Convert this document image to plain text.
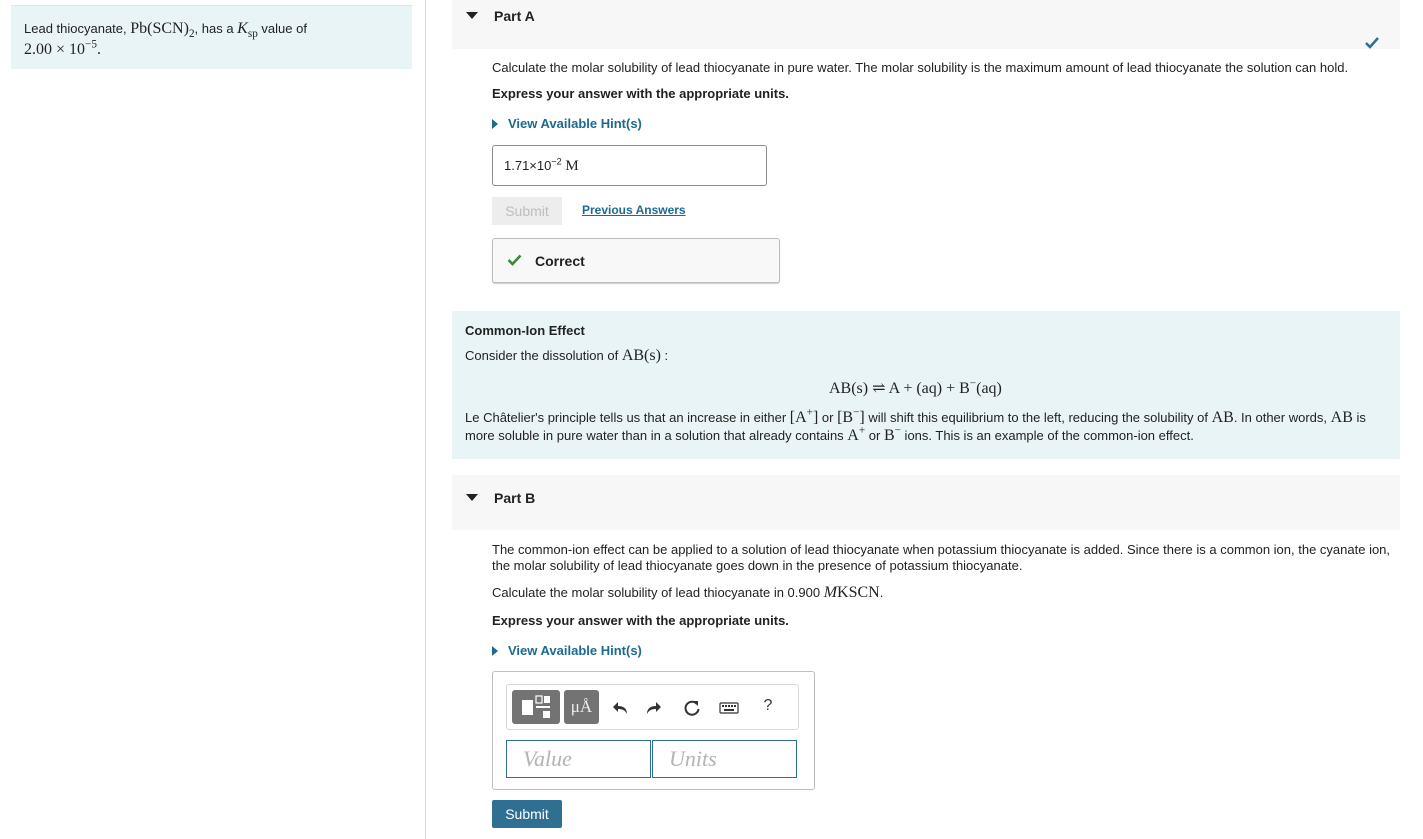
Lead thiocyanate, $Pb(SCN)_2$, has a $K_{sp}$ value of
$2.00 \times 10^{-5}$.
Part A
Calculate the molar solubility of lead thiocyanate in pure water. The molar solubility is the maximum amount of lead thiocyanate the solution can hold.
Express your answer with the appropriate units.
View Available Hint(s)
$1.71\times 10^{-2}$ M
Submit	Previous Answers
Correct
Common-Ion Effect
Consider the dissolution of AB(s) :
AB(s) ⇌ A + (aq) + B−(aq)
Le Châtelier's principle tells us that an increase in either [A+] or [B−] will shift this equilibrium to the left, reducing the solubility of AB. In other words, AB is more soluble in pure water than in a solution that already contains A+ or B− ions. This is an example of the common-ion effect.
Part B
The common-ion effect can be applied to a solution of lead thiocyanate when potassium thiocyanate is added. Since there is a common ion, the cyanate ion, the molar solubility of lead thiocyanate goes down in the presence of potassium thiocyanate.
Calculate the molar solubility of lead thiocyanate in 0.900 MKSCN.
Express your answer with the appropriate units.
View Available Hint(s)
μÅ	?
Value	Units
Submit
